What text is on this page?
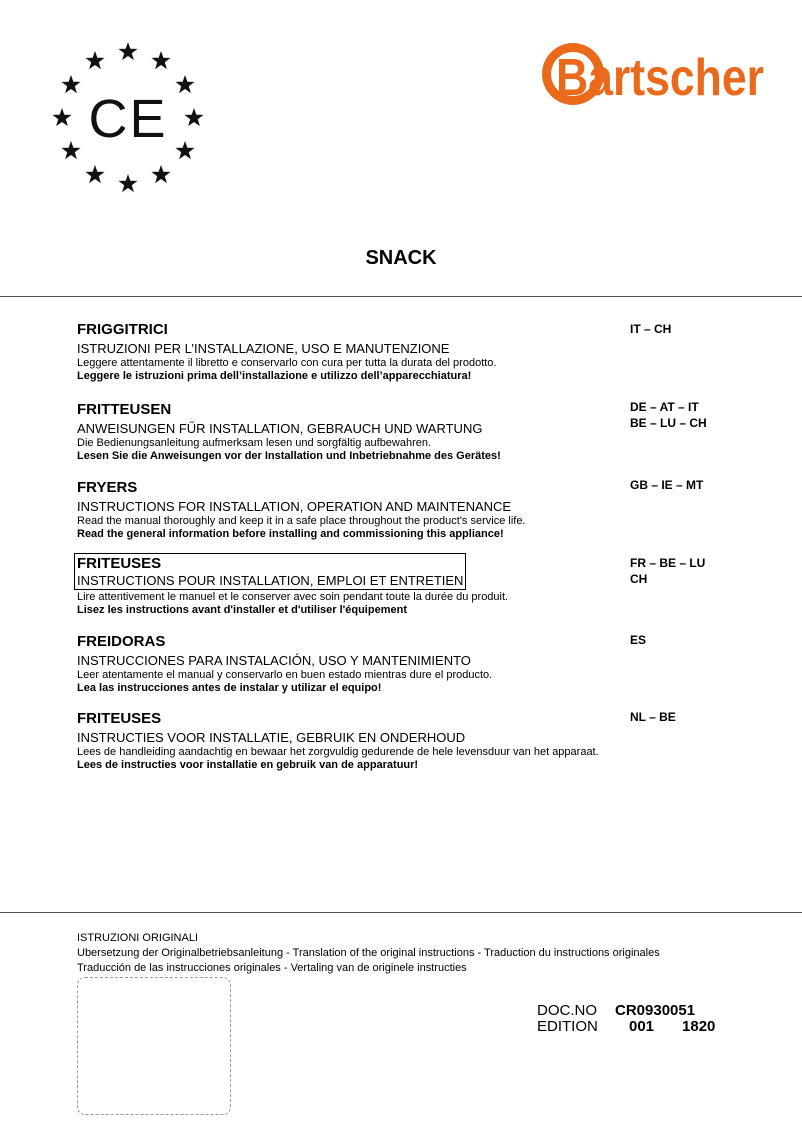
CE
Bartscher
SNACK
FRIGGITRICI
ISTRUZIONI PER L’INSTALLAZIONE, USO E MANUTENZIONE
Leggere attentamente il libretto e conservarlo con cura per tutta la durata del prodotto.
Leggere le istruzioni prima dell’installazione e utilizzo dell’apparecchiatura!
IT – CH
FRITTEUSEN
ANWEISUNGEN FŰR INSTALLATION, GEBRAUCH UND WARTUNG
Die Bedienungsanleitung aufmerksam lesen und sorgfältig aufbewahren.
Lesen Sie die Anweisungen vor der Installation und Inbetriebnahme des Gerätes!
DE – AT – IT
BE – LU – CH
FRYERS
INSTRUCTIONS FOR INSTALLATION, OPERATION AND MAINTENANCE
Read the manual thoroughly and keep it in a safe place throughout the product's service life.
Read the general information before installing and commissioning this appliance!
GB – IE – MT
FRITEUSES
INSTRUCTIONS POUR INSTALLATION, EMPLOI ET ENTRETIEN
Lire attentivement le manuel et le conserver avec soin pendant toute la durée du produit.
Lisez les instructions avant d'installer et d'utiliser l'équipement
FR – BE – LU
CH
FREIDORAS
INSTRUCCIONES PARA INSTALACIÓN, USO Y MANTENIMIENTO
Leer atentamente el manual y conservarlo en buen estado mientras dure el producto.
Lea las instrucciones antes de instalar y utilizar el equipo!
ES
FRITEUSES
INSTRUCTIES VOOR INSTALLATIE, GEBRUIK EN ONDERHOUD
Lees de handleiding aandachtig en bewaar het zorgvuldig gedurende de hele levensduur van het apparaat.
Lees de instructies voor installatie en gebruik van de apparatuur!
NL – BE
ISTRUZIONI ORIGINALI
Ubersetzung der Originalbetriebsanleitung - Translation of the original instructions - Traduction du instructions originales
Traducción de las instrucciones originales - Vertaling van de originele instructies
DOC.NO	CR0930051
EDITION	001 1820
